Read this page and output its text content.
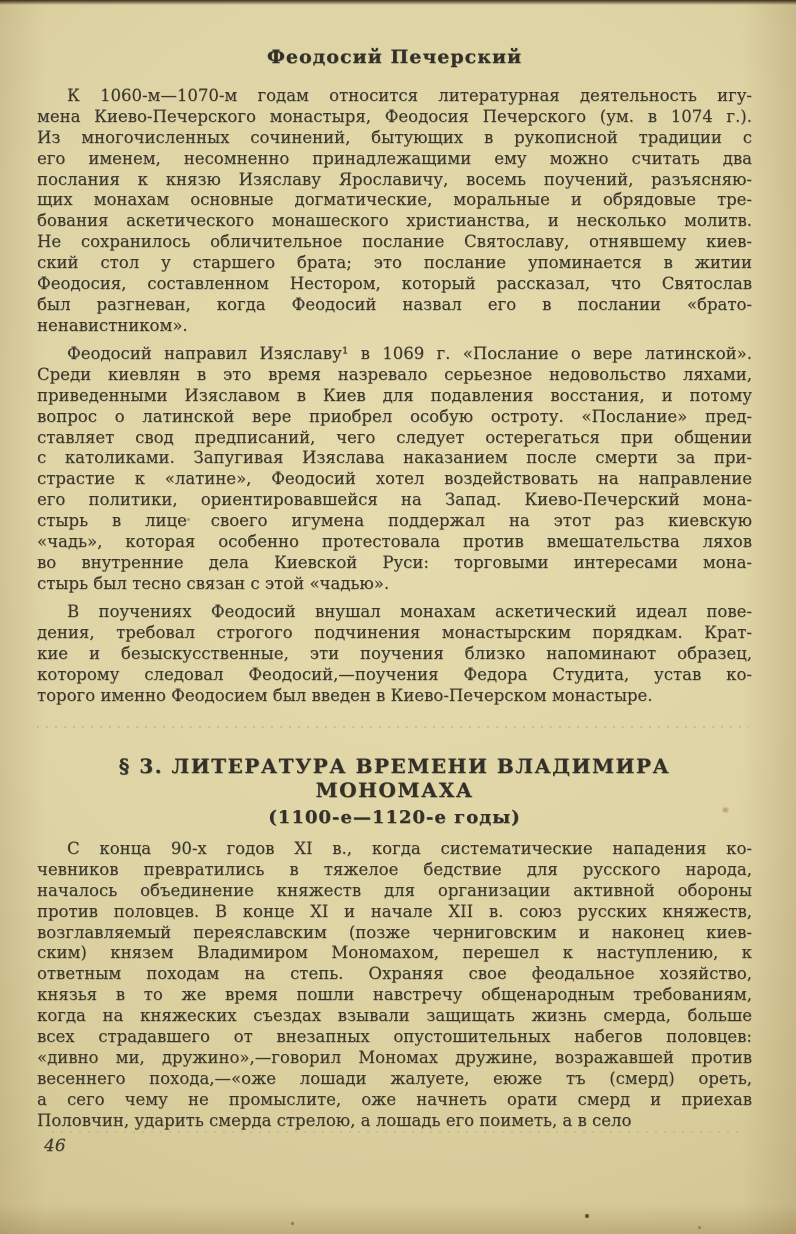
Феодосий Печерский
К 1060-м—1070-м годам относится литературная деятельность игу-
мена Киево-Печерского монастыря, Феодосия Печерского (ум. в 1074 г.).
Из многочисленных сочинений, бытующих в рукописной традиции с
его именем, несомненно принадлежащими ему можно считать два
послания к князю Изяславу Ярославичу, восемь поучений, разъясняю-
щих монахам основные догматические, моральные и обрядовые тре-
бования аскетического монашеского христианства, и несколько молитв.
Не сохранилось обличительное послание Святославу, отнявшему киев-
ский стол у старшего брата; это послание упоминается в житии
Феодосия, составленном Нестором, который рассказал, что Святослав
был разгневан, когда Феодосий назвал его в послании «брато-
ненавистником».
Феодосий направил Изяславу¹ в 1069 г. «Послание о вере латинской».
Среди киевлян в это время назревало серьезное недовольство ляхами,
приведенными Изяславом в Киев для подавления восстания, и потому
вопрос о латинской вере приобрел особую остроту. «Послание» пред-
ставляет свод предписаний, чего следует остерегаться при общении
с католиками. Запугивая Изяслава наказанием после смерти за при-
страстие к «латине», Феодосий хотел воздействовать на направление
его политики, ориентировавшейся на Запад. Киево-Печерский мона-
стырь в лице своего игумена поддержал на этот раз киевскую
«чадь», которая особенно протестовала против вмешательства ляхов
во внутренние дела Киевской Руси: торговыми интересами мона-
стырь был тесно связан с этой «чадью».
В поучениях Феодосий внушал монахам аскетический идеал пове-
дения, требовал строгого подчинения монастырским порядкам. Крат-
кие и безыскусственные, эти поучения близко напоминают образец,
которому следовал Феодосий,—поучения Федора Студита, устав ко-
торого именно Феодосием был введен в Киево-Печерском монастыре.
§ 3. ЛИТЕРАТУРА ВРЕМЕНИ ВЛАДИМИРА МОНОМАХА
(1100-е—1120-е годы)
С конца 90-х годов XI в., когда систематические нападения ко-
чевников превратились в тяжелое бедствие для русского народа,
началось объединение княжеств для организации активной обороны
против половцев. В конце XI и начале XII в. союз русских княжеств,
возглавляемый переяславским (позже черниговским и наконец киев-
ским) князем Владимиром Мономахом, перешел к наступлению, к
ответным походам на степь. Охраняя свое феодальное хозяйство,
князья в то же время пошли навстречу общенародным требованиям,
когда на княжеских съездах взывали защищать жизнь смерда, больше
всех страдавшего от внезапных опустошительных набегов половцев:
«дивно ми, дружино»,—говорил Мономах дружине, возражавшей против
весеннего похода,—«оже лошади жалуете, еюже тъ (смерд) ореть,
а сего чему не промыслите, оже начнеть орати смерд и приехав
Половчин, ударить смерда стрелою, а лошадь его поиметь, а в село
46
